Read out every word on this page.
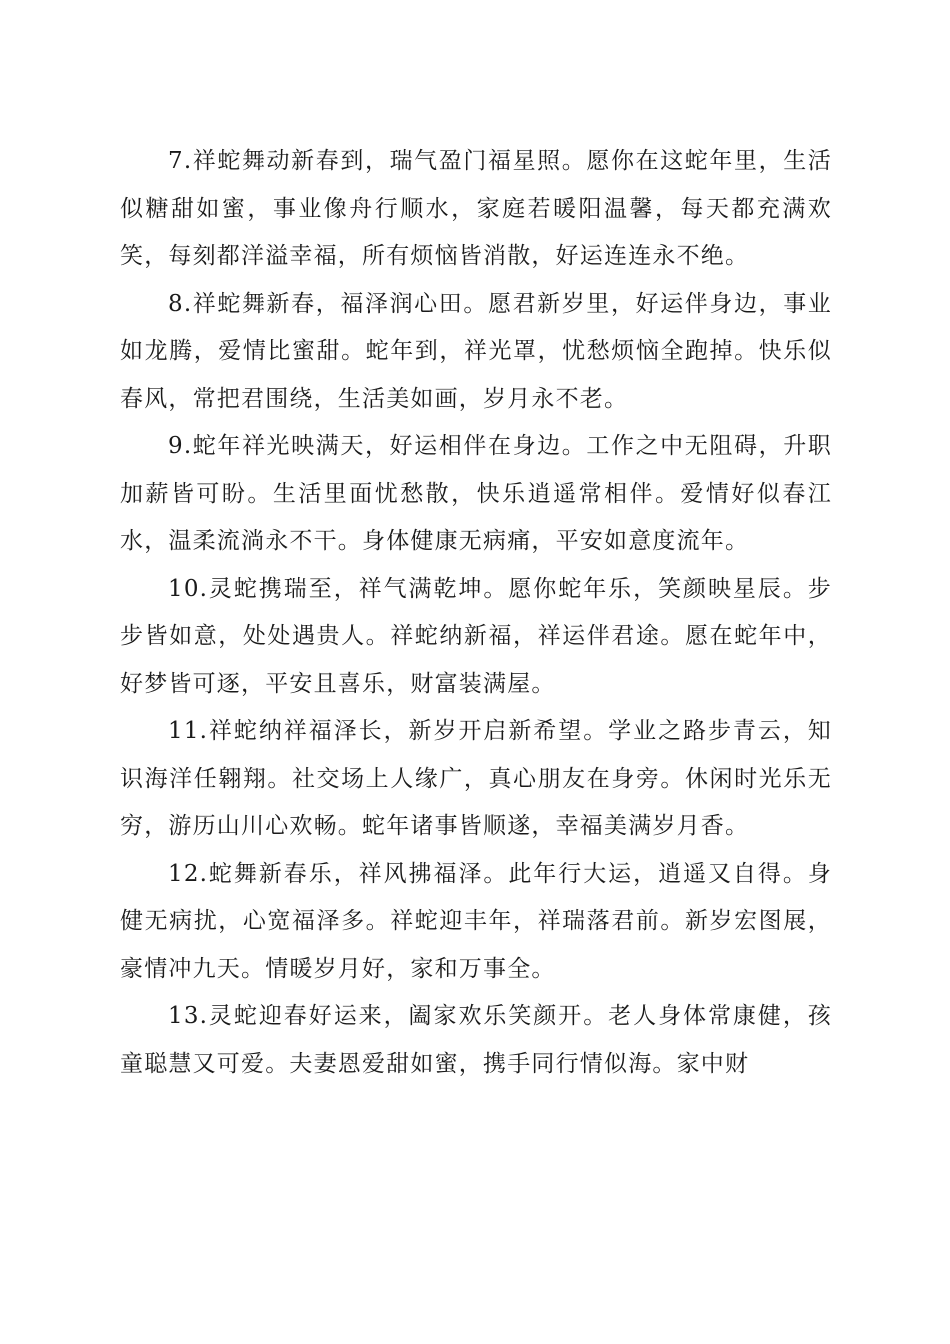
7.祥蛇舞动新春到，瑞气盈门福星照。愿你在这蛇年里，生活似糖甜如蜜，事业像舟行顺水，家庭若暖阳温馨，每天都充满欢笑，每刻都洋溢幸福，所有烦恼皆消散，好运连连永不绝。

8.祥蛇舞新春，福泽润心田。愿君新岁里，好运伴身边，事业如龙腾，爱情比蜜甜。蛇年到，祥光罩，忧愁烦恼全跑掉。快乐似春风，常把君围绕，生活美如画，岁月永不老。

9.蛇年祥光映满天，好运相伴在身边。工作之中无阻碍，升职加薪皆可盼。生活里面忧愁散，快乐逍遥常相伴。爱情好似春江水，温柔流淌永不干。身体健康无病痛，平安如意度流年。

10.灵蛇携瑞至，祥气满乾坤。愿你蛇年乐，笑颜映星辰。步步皆如意，处处遇贵人。祥蛇纳新福，祥运伴君途。愿在蛇年中，好梦皆可逐，平安且喜乐，财富装满屋。

11.祥蛇纳祥福泽长，新岁开启新希望。学业之路步青云，知识海洋任翱翔。社交场上人缘广，真心朋友在身旁。休闲时光乐无穷，游历山川心欢畅。蛇年诸事皆顺遂，幸福美满岁月香。

12.蛇舞新春乐，祥风拂福泽。此年行大运，逍遥又自得。身健无病扰，心宽福泽多。祥蛇迎丰年，祥瑞落君前。新岁宏图展，豪情冲九天。情暖岁月好，家和万事全。

13.灵蛇迎春好运来，阖家欢乐笑颜开。老人身体常康健，孩童聪慧又可爱。夫妻恩爱甜如蜜，携手同行情似海。家中财
